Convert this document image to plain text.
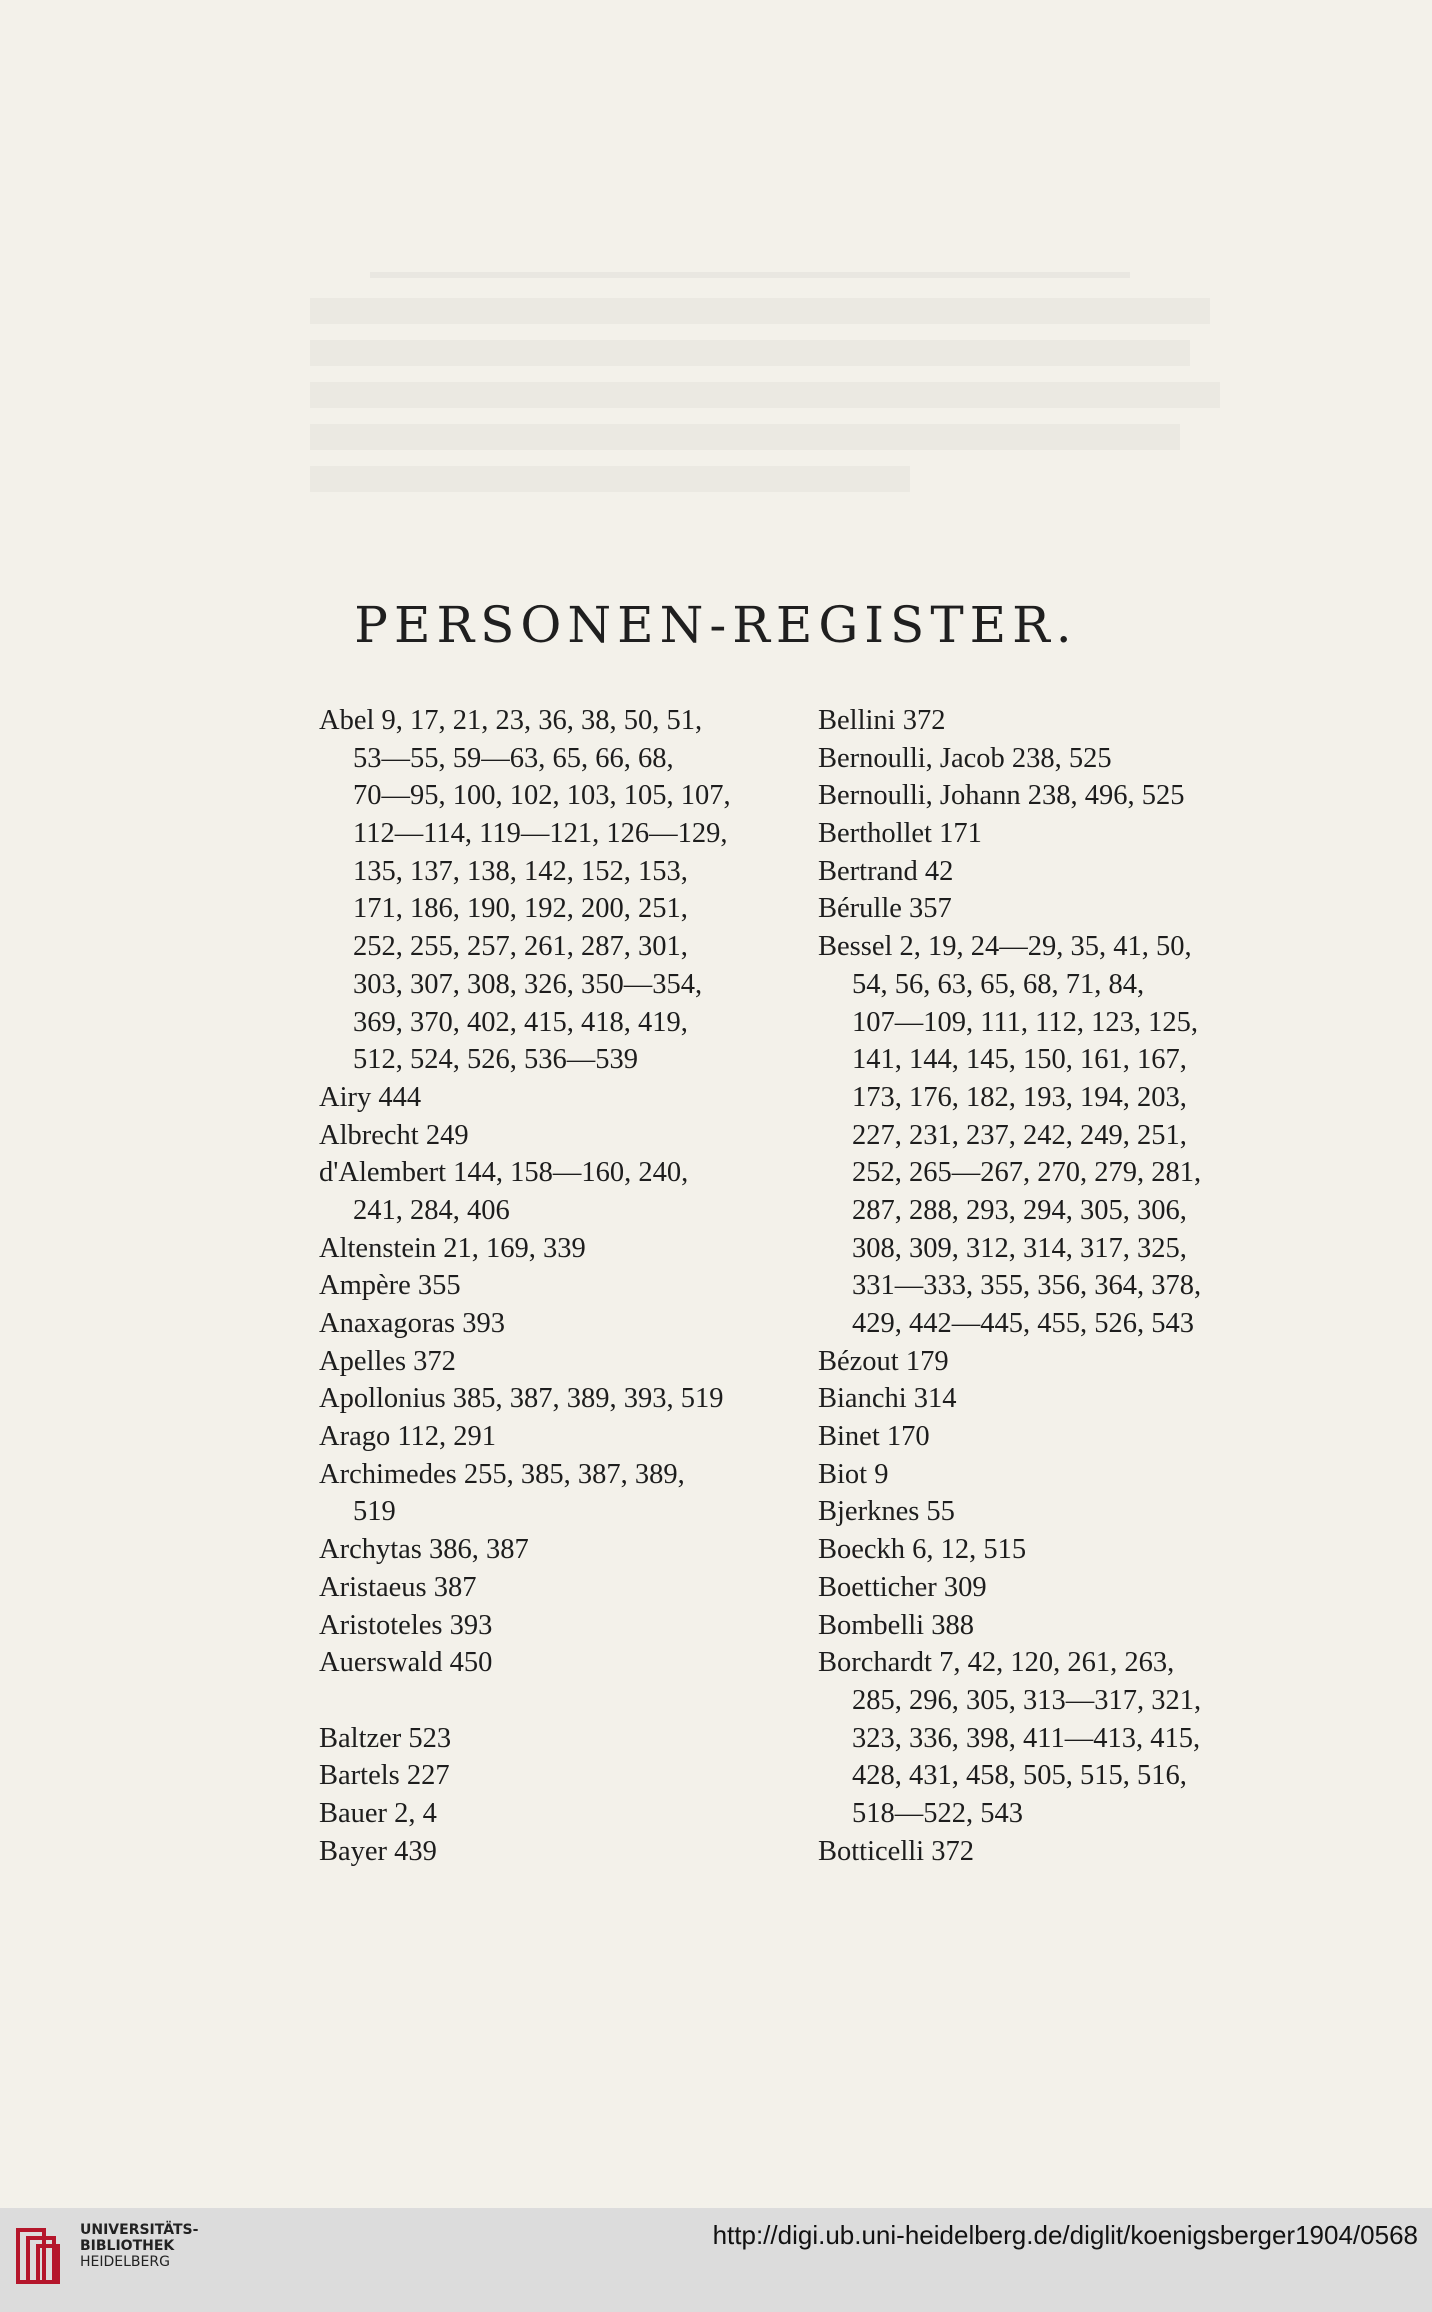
PERSONEN-REGISTER.
Abel 9, 17, 21, 23, 36, 38, 50, 51,
53—55, 59—63, 65, 66, 68,
70—95, 100, 102, 103, 105, 107,
112—114, 119—121, 126—129,
135, 137, 138, 142, 152, 153,
171, 186, 190, 192, 200, 251,
252, 255, 257, 261, 287, 301,
303, 307, 308, 326, 350—354,
369, 370, 402, 415, 418, 419,
512, 524, 526, 536—539
Airy 444
Albrecht 249
d'Alembert 144, 158—160, 240,
241, 284, 406
Altenstein 21, 169, 339
Ampère 355
Anaxagoras 393
Apelles 372
Apollonius 385, 387, 389, 393, 519
Arago 112, 291
Archimedes 255, 385, 387, 389,
519
Archytas 386, 387
Aristaeus 387
Aristoteles 393
Auerswald 450
Baltzer 523
Bartels 227
Bauer 2, 4
Bayer 439
Bellini 372
Bernoulli, Jacob 238, 525
Bernoulli, Johann 238, 496, 525
Berthollet 171
Bertrand 42
Bérulle 357
Bessel 2, 19, 24—29, 35, 41, 50,
54, 56, 63, 65, 68, 71, 84,
107—109, 111, 112, 123, 125,
141, 144, 145, 150, 161, 167,
173, 176, 182, 193, 194, 203,
227, 231, 237, 242, 249, 251,
252, 265—267, 270, 279, 281,
287, 288, 293, 294, 305, 306,
308, 309, 312, 314, 317, 325,
331—333, 355, 356, 364, 378,
429, 442—445, 455, 526, 543
Bézout 179
Bianchi 314
Binet 170
Biot 9
Bjerknes 55
Boeckh 6, 12, 515
Boetticher 309
Bombelli 388
Borchardt 7, 42, 120, 261, 263,
285, 296, 305, 313—317, 321,
323, 336, 398, 411—413, 415,
428, 431, 458, 505, 515, 516,
518—522, 543
Botticelli 372
UNIVERSITÄTS-
BIBLIOTHEK
HEIDELBERG
http://digi.ub.uni-heidelberg.de/diglit/koenigsberger1904/0568
